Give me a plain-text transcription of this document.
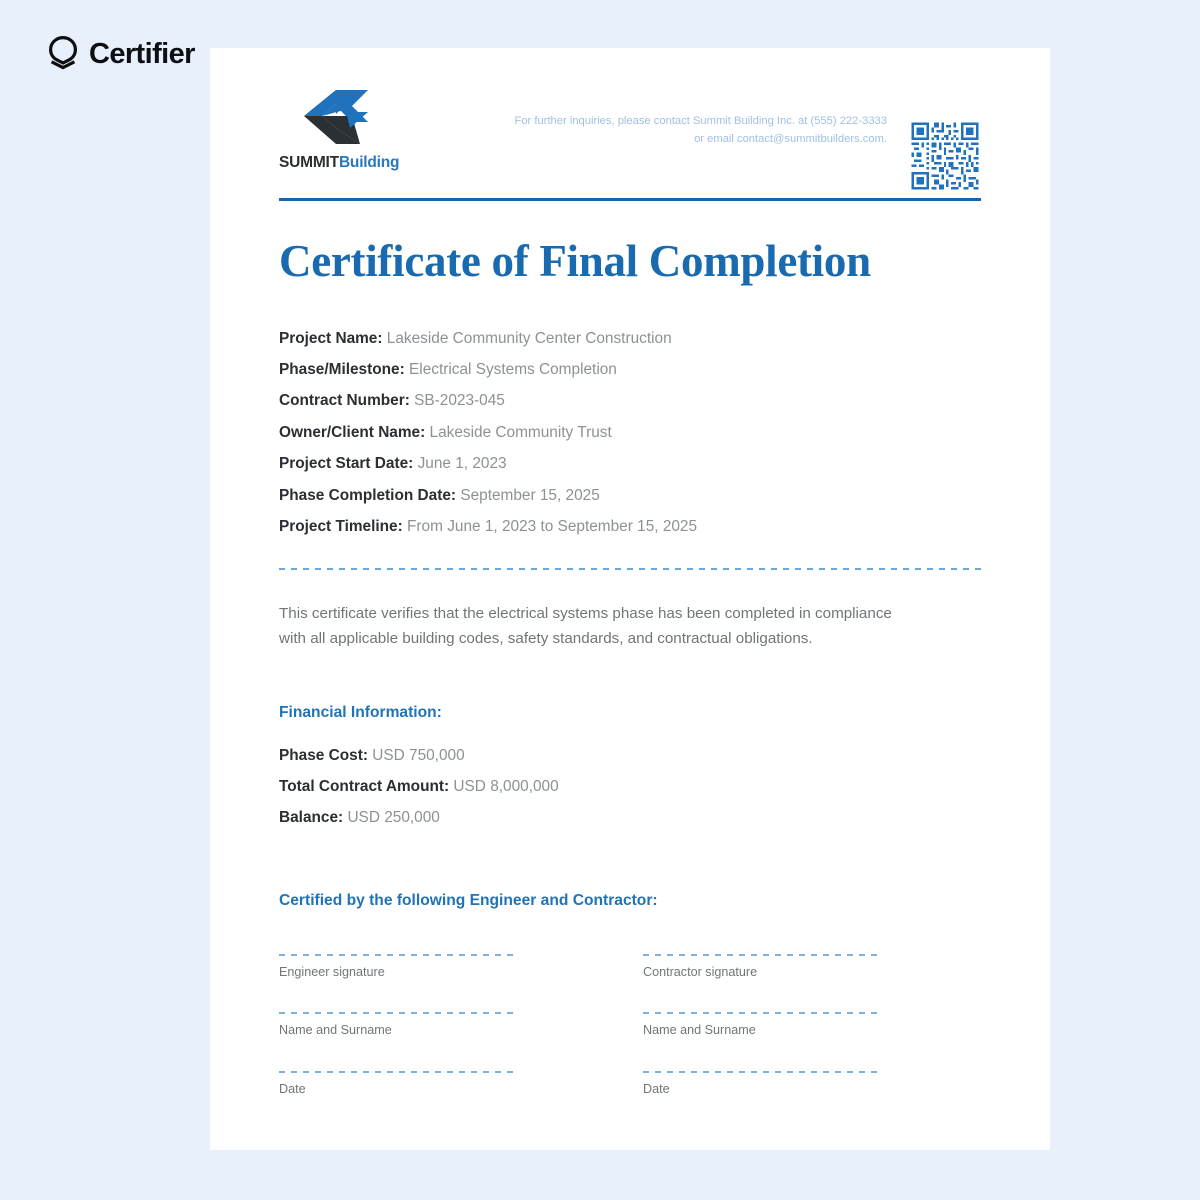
Certifier
SUMMITBuilding
For further inquiries, please contact Summit Building Inc. at (555) 222-3333 or email contact@summitbuilders.com.
Certificate of Final Completion
Project Name: Lakeside Community Center Construction
Phase/Milestone: Electrical Systems Completion
Contract Number: SB-2023-045
Owner/Client Name: Lakeside Community Trust
Project Start Date: June 1, 2023
Phase Completion Date: September 15, 2025
Project Timeline: From June 1, 2023 to September 15, 2025

This certificate verifies that the electrical systems phase has been completed in compliance with all applicable building codes, safety standards, and contractual obligations.

Financial Information:
Phase Cost: USD 750,000
Total Contract Amount: USD 8,000,000
Balance: USD 250,000
Certified by the following Engineer and Contractor:
Engineer signature
Name and Surname
Date
Contractor signature
Name and Surname
Date
